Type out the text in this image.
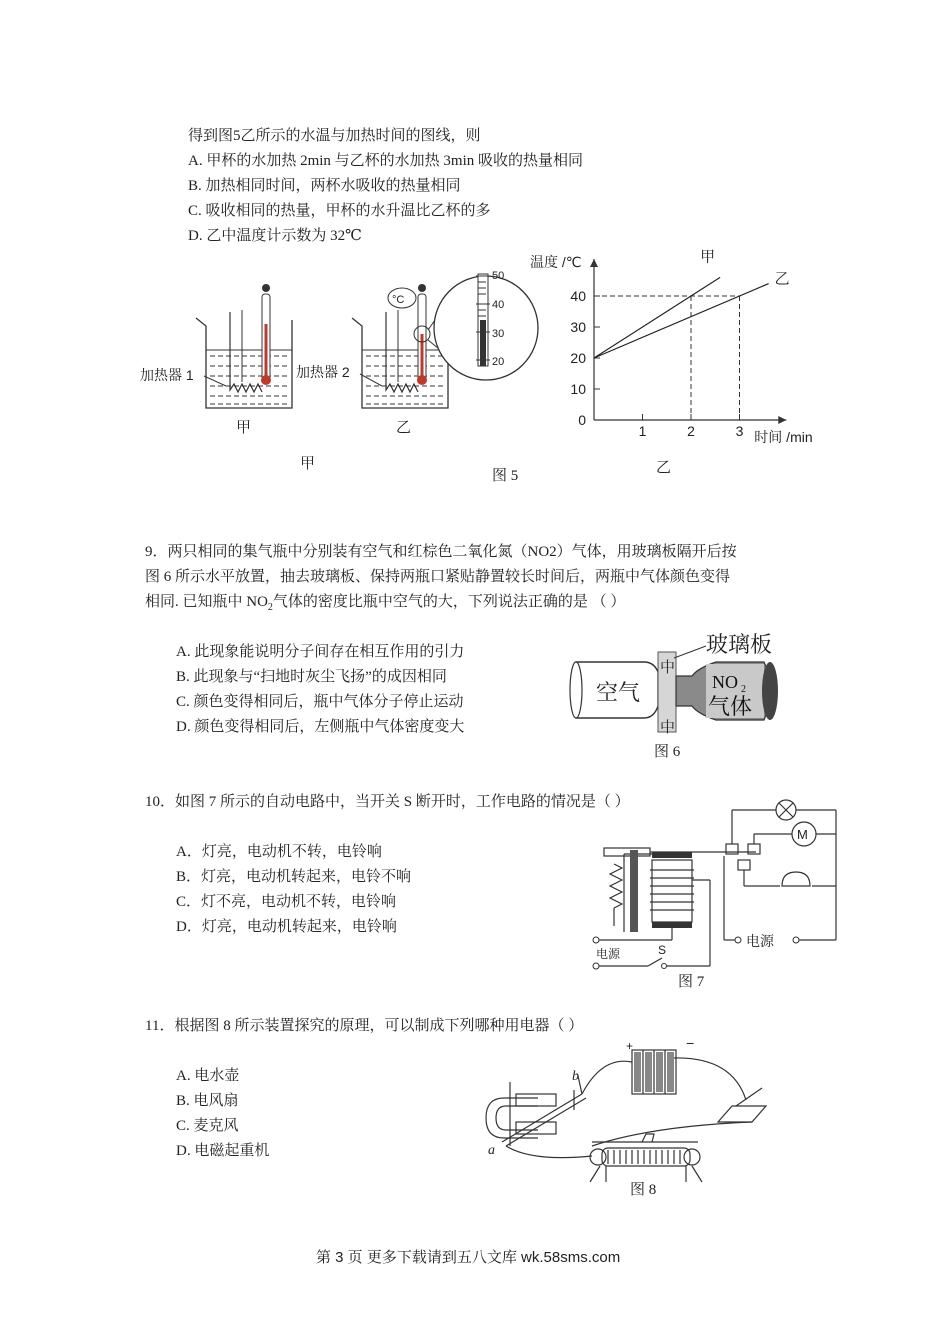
得到图5乙所示的水温与加热时间的图线，则
A. 甲杯的水加热 2min 与乙杯的水加热 3min 吸收的热量相同
B. 加热相同时间，两杯水吸收的热量相同
C. 吸收相同的热量，甲杯的水升温比乙杯的多
D. 乙中温度计示数为 32℃
加热器 1
甲
°C
加热器 2
乙
50
40
30
20
甲
图 5	乙
0
10
20
30
40
1	2	3
甲
乙
温度 /℃
时间 /min
9．两只相同的集气瓶中分别装有空气和红棕色二氧化氮（NO2）气体，用玻璃板隔开后按
图 6 所示水平放置，抽去玻璃板、保持两瓶口紧贴静置较长时间后，两瓶中气体颜色变得
相同. 已知瓶中 $NO_2$气体的密度比瓶中空气的大，下列说法正确的是 （ ）
A. 此现象能说明分子间存在相互作用的引力
B. 此现象与“扫地时灰尘飞扬”的成因相同
C. 颜色变得相同后，瓶中气体分子停止运动
D. 颜色变得相同后，左侧瓶中气体密度变大
空气
中
中
NO 2
气体
玻璃板
图 6
10．如图 7 所示的自动电路中，当开关 S 断开时，工作电路的情况是（ ）
A．灯亮，电动机不转，电铃响
B．灯亮，电动机转起来，电铃不响
C．灯不亮，电动机不转，电铃响
D．灯亮，电动机转起来，电铃响
M
电源
电源	S
图 7
11．根据图 8 所示装置探究的原理，可以制成下列哪种用电器（ ）
A. 电水壶
B. 电风扇
C. 麦克风
D. 电磁起重机	a
b
+	−
图 8
第 3 页 更多下载请到五八文库 wk.58sms.com
